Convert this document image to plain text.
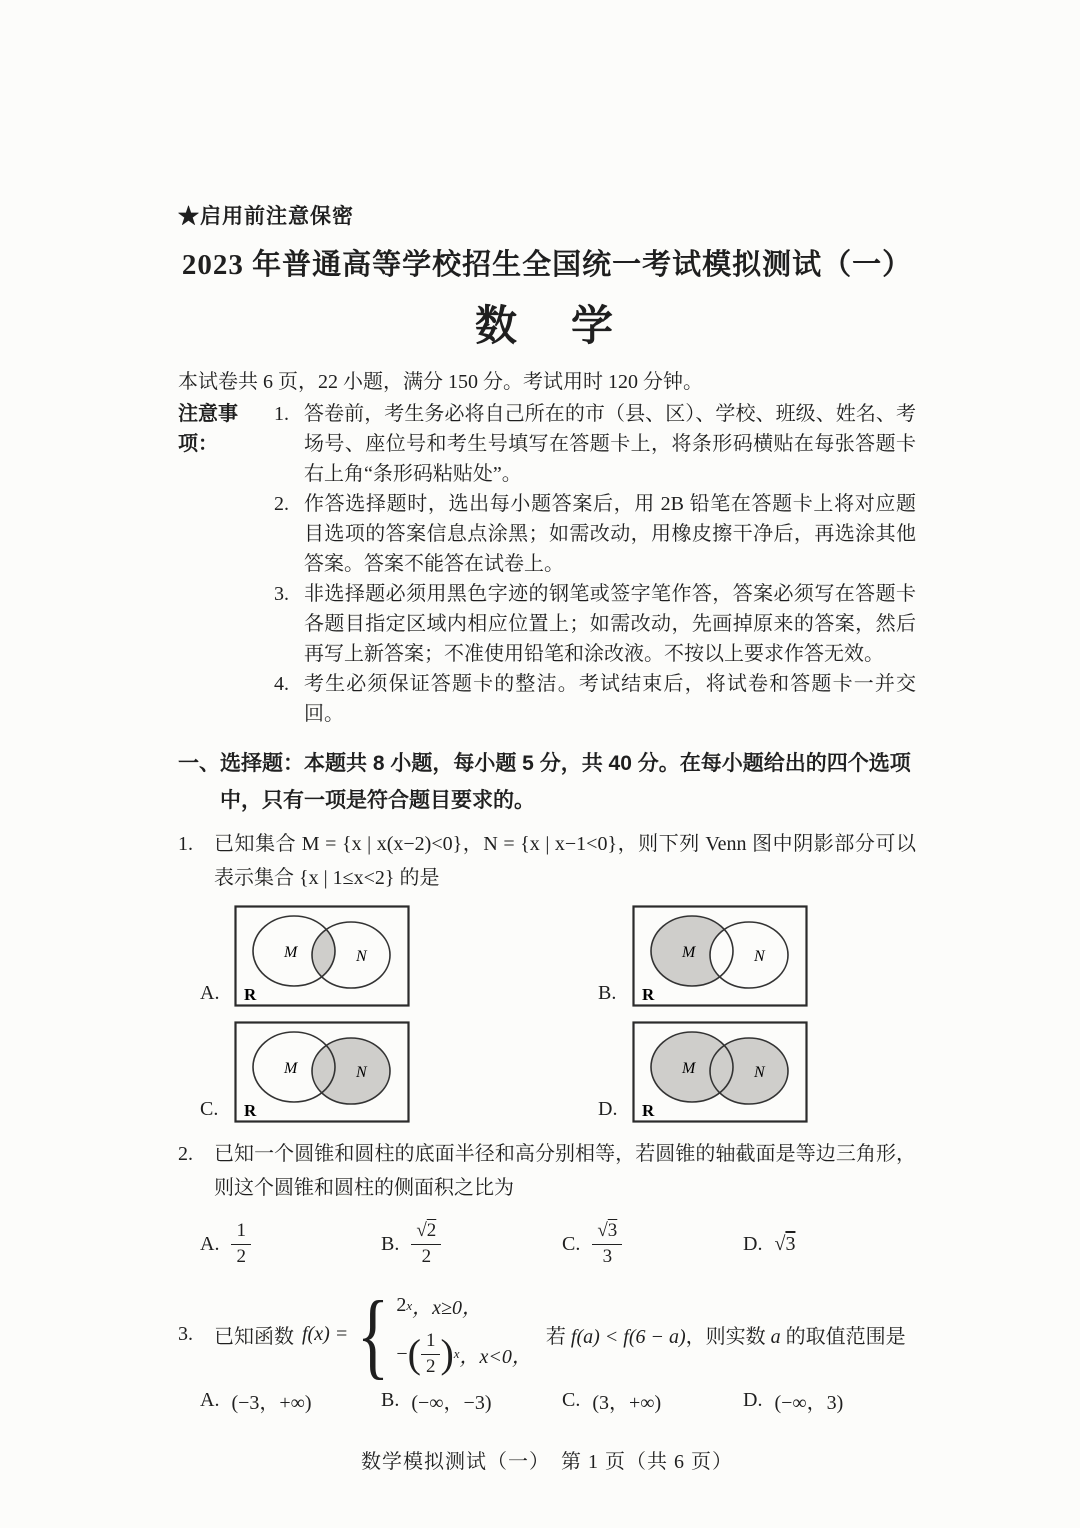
★启用前注意保密
2023 年普通高等学校招生全国统一考试模拟测试（一）
数　学
本试卷共 6 页，22 小题，满分 150 分。考试用时 120 分钟。
注意事项：
1. 答卷前，考生务必将自己所在的市（县、区）、学校、班级、姓名、考场号、座位号和考生号填写在答题卡上，将条形码横贴在每张答题卡右上角“条形码粘贴处”。
2. 作答选择题时，选出每小题答案后，用 2B 铅笔在答题卡上将对应题目选项的答案信息点涂黑；如需改动，用橡皮擦干净后，再选涂其他答案。答案不能答在试卷上。
3. 非选择题必须用黑色字迹的钢笔或签字笔作答，答案必须写在答题卡各题目指定区域内相应位置上；如需改动，先画掉原来的答案，然后再写上新答案；不准使用铅笔和涂改液。不按以上要求作答无效。
4. 考生必须保证答题卡的整洁。考试结束后，将试卷和答题卡一并交回。
一、 选择题：本题共 8 小题，每小题 5 分，共 40 分。在每小题给出的四个选项中，只有一项是符合题目要求的。
1.	已知集合 M = {x | x(x−2)<0}，N = {x | x−1<0}，则下列 Venn 图中阴影部分可以表示集合 {x | 1≤x<2} 的是
A.
M	N
R	B.
M	N
R
C.
M	N
R	D.
M	N
R
2.	已知一个圆锥和圆柱的底面半径和高分别相等，若圆锥的轴截面是等边三角形，则这个圆锥和圆柱的侧面积之比为
A. $\frac{1}{2}$	B. $\frac{√2}{2}$	C. $\frac{√3}{3}$	D. √3
3.	已知函数 f(x) = { 2 x ，x≥0，
− ( $\frac{1}{2}$ ) x ，x<0，
若 f(a) < f(6 − a)，则实数 a 的取值范围是
A. (−3，+∞)	B. (−∞，−3)	C. (3，+∞)	D. (−∞，3)
数学模拟测试（一）　第 1 页（共 6 页）
